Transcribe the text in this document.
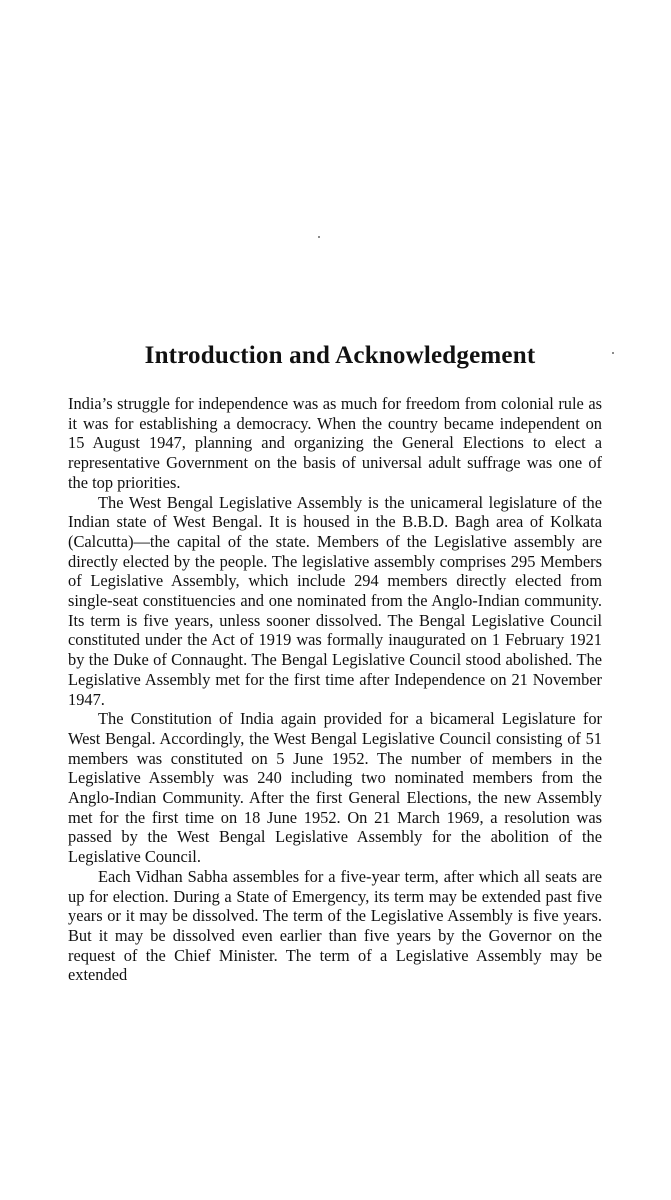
Introduction and Acknowledgement

India’s struggle for independence was as much for freedom from colonial rule as it was for establishing a democracy. When the country became independent on 15 August 1947, planning and organizing the General Elections to elect a representative Government on the basis of universal adult suffrage was one of the top priorities.

The West Bengal Legislative Assembly is the unicameral legislature of the Indian state of West Bengal. It is housed in the B.B.D. Bagh area of Kolkata (Calcutta)—the capital of the state. Members of the Legislative assembly are directly elected by the people. The legislative assembly comprises 295 Members of Legislative Assembly, which include 294 members directly elected from single-seat constituencies and one nominated from the Anglo-Indian community. Its term is five years, unless sooner dissolved. The Bengal Legislative Council constituted under the Act of 1919 was formally inaugurated on 1 February 1921 by the Duke of Connaught. The Bengal Legislative Council stood abolished. The Legislative Assembly met for the first time after Independence on 21 November 1947.

The Constitution of India again provided for a bicameral Legislature for West Bengal. Accordingly, the West Bengal Legislative Council consisting of 51 members was constituted on 5 June 1952. The number of members in the Legislative Assembly was 240 including two nominated members from the Anglo-Indian Community. After the first General Elections, the new Assembly met for the first time on 18 June 1952. On 21 March 1969, a resolution was passed by the West Bengal Legislative Assembly for the abolition of the Legislative Council.

Each Vidhan Sabha assembles for a five-year term, after which all seats are up for election. During a State of Emergency, its term may be extended past five years or it may be dissolved. The term of the Legislative Assembly is five years. But it may be dissolved even earlier than five years by the Governor on the request of the Chief Minister. The term of a Legislative Assembly may be extended
